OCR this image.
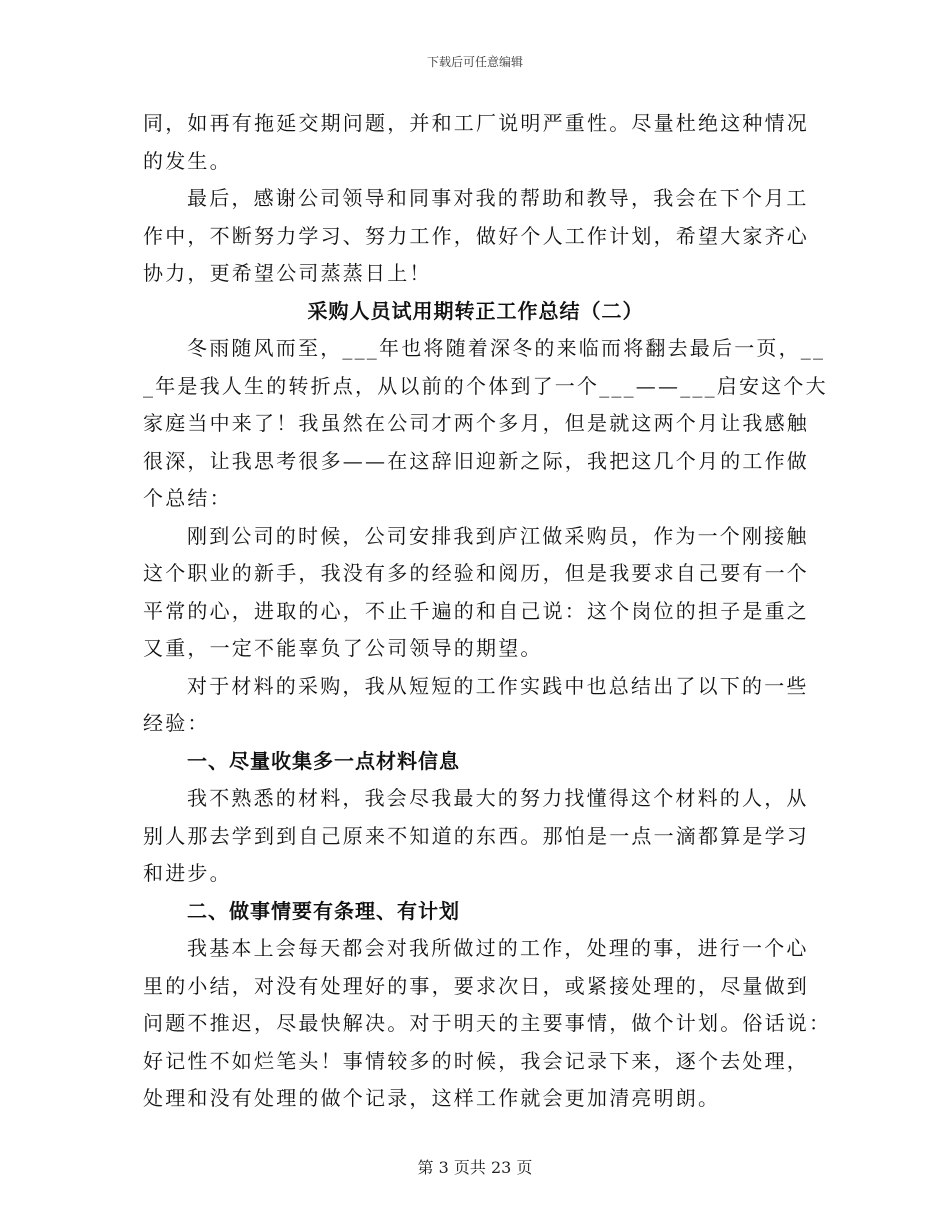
下载后可任意编辑
同，如再有拖延交期问题，并和工厂说明严重性。尽量杜绝这种情况
的发生。
最后，感谢公司领导和同事对我的帮助和教导，我会在下个月工
作中，不断努力学习、努力工作，做好个人工作计划，希望大家齐心
协力，更希望公司蒸蒸日上！
采购人员试用期转正工作总结（二）
冬雨随风而至，___年也将随着深冬的来临而将翻去最后一页，__
_年是我人生的转折点，从以前的个体到了一个___——___启安这个大
家庭当中来了！我虽然在公司才两个多月，但是就这两个月让我感触
很深，让我思考很多——在这辞旧迎新之际，我把这几个月的工作做
个总结：
刚到公司的时候，公司安排我到庐江做采购员，作为一个刚接触
这个职业的新手，我没有多的经验和阅历，但是我要求自己要有一个
平常的心，进取的心，不止千遍的和自己说：这个岗位的担子是重之
又重，一定不能辜负了公司领导的期望。
对于材料的采购，我从短短的工作实践中也总结出了以下的一些
经验：
一、尽量收集多一点材料信息
我不熟悉的材料，我会尽我最大的努力找懂得这个材料的人，从
别人那去学到到自己原来不知道的东西。那怕是一点一滴都算是学习
和进步。
二、做事情要有条理、有计划
我基本上会每天都会对我所做过的工作，处理的事，进行一个心
里的小结，对没有处理好的事，要求次日，或紧接处理的，尽量做到
问题不推迟，尽最快解决。对于明天的主要事情，做个计划。俗话说：
好记性不如烂笔头！事情较多的时候，我会记录下来，逐个去处理，
处理和没有处理的做个记录，这样工作就会更加清亮明朗。
第 3 页共 23 页
